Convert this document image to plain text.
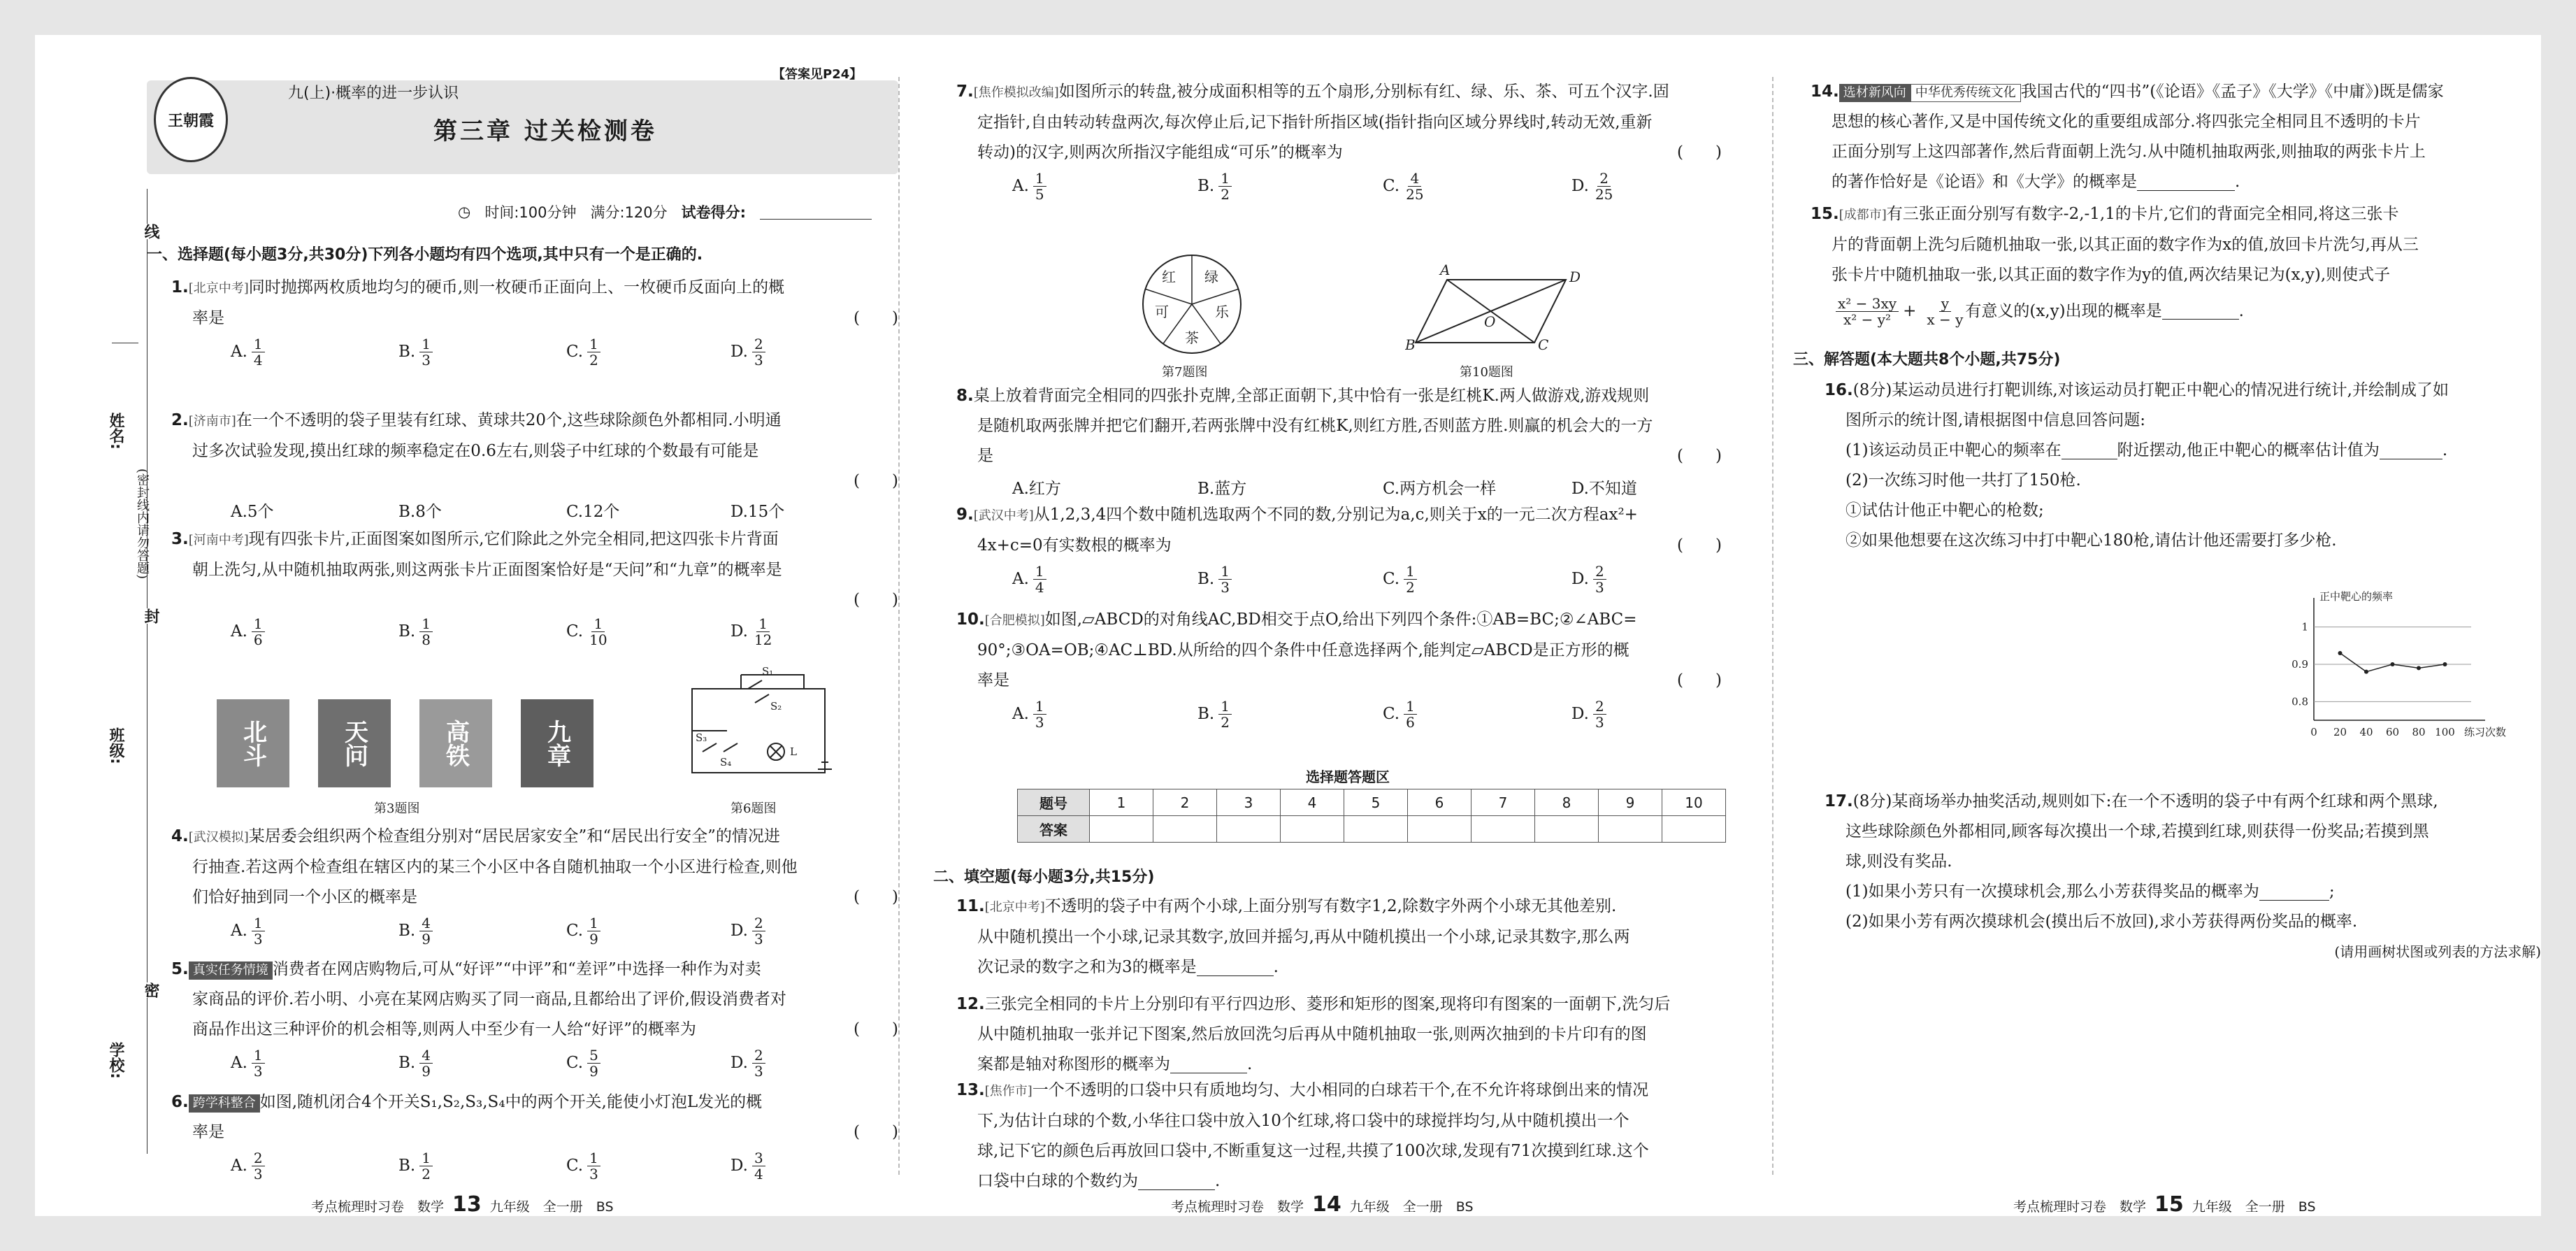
姓名:
班级:
学校:
(密封线内请勿答题)
线
封
密
王朝霞
九(上)·概率的进一步认识
【答案见P24】
第三章 过关检测卷
◷ 时间:100分钟 满分:120分 试卷得分:
一、选择题(每小题3分,共30分)下列各小题均有四个选项,其中只有一个是正确的.

1.[北京中考]同时抛掷两枚质地均匀的硬币,则一枚硬币正面向上、一枚硬币反面向上的概

率是	(　　)

A. $\frac{1}{4}$	B. $\frac{1}{3}$	C. $\frac{1}{2}$	D. $\frac{2}{3}$

2.[济南市]在一个不透明的袋子里装有红球、黄球共20个,这些球除颜色外都相同.小明通

过多次试验发现,摸出红球的频率稳定在0.6左右,则袋子中红球的个数最有可能是

(　　)

A.5个	B.8个	C.12个	D.15个

3.[河南中考]现有四张卡片,正面图案如图所示,它们除此之外完全相同,把这四张卡片背面

朝上洗匀,从中随机抽取两张,则这两张卡片正面图案恰好是“天问”和“九章”的概率是

(　　)

A. $\frac{1}{6}$	B. $\frac{1}{8}$	C. $\frac{1}{10}$	D. $\frac{1}{12}$
北斗	天问	高铁	九章
第3题图
S₁
S₂
S₃
S₄
L
第6题图

4.[武汉模拟]某居委会组织两个检查组分别对“居民居家安全”和“居民出行安全”的情况进

行抽查.若这两个检查组在辖区内的某三个小区中各自随机抽取一个小区进行检查,则他

们恰好抽到同一个小区的概率是	(　　)

A. $\frac{1}{3}$	B. $\frac{4}{9}$	C. $\frac{1}{9}$	D. $\frac{2}{3}$

5. 真实任务情境 消费者在网店购物后,可从“好评”“中评”和“差评”中选择一种作为对卖

家商品的评价.若小明、小亮在某网店购买了同一商品,且都给出了评价,假设消费者对

商品作出这三种评价的机会相等,则两人中至少有一人给“好评”的概率为	(　　)

A. $\frac{1}{3}$	B. $\frac{4}{9}$	C. $\frac{5}{9}$	D. $\frac{2}{3}$

6. 跨学科整合 如图,随机闭合4个开关S₁,S₂,S₃,S₄中的两个开关,能使小灯泡L发光的概

率是	(　　)

A. $\frac{2}{3}$	B. $\frac{1}{2}$	C. $\frac{1}{3}$	D. $\frac{3}{4}$

7.[焦作模拟改编]如图所示的转盘,被分成面积相等的五个扇形,分别标有红、绿、乐、茶、可五个汉字.固

定指针,自由转动转盘两次,每次停止后,记下指针所指区域(指针指向区域分界线时,转动无效,重新

转动)的汉字,则两次所指汉字能组成“可乐”的概率为	(　　)

A. $\frac{1}{5}$	B. $\frac{1}{2}$	C. $\frac{4}{25}$	D. $\frac{2}{25}$
红 绿
乐
茶
可
第7题图
A
B	C
D
O
第10题图

8.桌上放着背面完全相同的四张扑克牌,全部正面朝下,其中恰有一张是红桃K.两人做游戏,游戏规则

是随机取两张牌并把它们翻开,若两张牌中没有红桃K,则红方胜,否则蓝方胜.则赢的机会大的一方

是	(　　)

A.红方	B.蓝方	C.两方机会一样	D.不知道

9.[武汉中考]从1,2,3,4四个数中随机选取两个不同的数,分别记为a,c,则关于x的一元二次方程ax²+

4x+c=0有实数根的概率为	(　　)

A. $\frac{1}{4}$	B. $\frac{1}{3}$	C. $\frac{1}{2}$	D. $\frac{2}{3}$

10.[合肥模拟]如图,▱ABCD的对角线AC,BD相交于点O,给出下列四个条件:①AB=BC;②∠ABC=

90°;③OA=OB;④AC⊥BD.从所给的四个条件中任意选择两个,能判定▱ABCD是正方形的概

率是	(　　)

A. $\frac{1}{3}$	B. $\frac{1}{2}$	C. $\frac{1}{6}$	D. $\frac{2}{3}$
选择题答题区
题号	1	2	3	4	5	6	7	8	9	10
答案										
二、填空题(每小题3分,共15分)

11.[北京中考]不透明的袋子中有两个小球,上面分别写有数字1,2,除数字外两个小球无其他差别.

从中随机摸出一个小球,记录其数字,放回并摇匀,再从中随机摸出一个小球,记录其数字,那么两

次记录的数字之和为3的概率是	.

12.三张完全相同的卡片上分别印有平行四边形、菱形和矩形的图案,现将印有图案的一面朝下,洗匀后

从中随机抽取一张并记下图案,然后放回洗匀后再从中随机抽取一张,则两次抽到的卡片印有的图

案都是轴对称图形的概率为	.

13.[焦作市]一个不透明的口袋中只有质地均匀、大小相同的白球若干个,在不允许将球倒出来的情况

下,为估计白球的个数,小华往口袋中放入10个红球,将口袋中的球搅拌均匀,从中随机摸出一个

球,记下它的颜色后再放回口袋中,不断重复这一过程,共摸了100次球,发现有71次摸到红球.这个

口袋中白球的个数约为	.

14. 选材新风向 中华优秀传统文化 我国古代的“四书”(《论语》《孟子》《大学》《中庸》)既是儒家

思想的核心著作,又是中国传统文化的重要组成部分.将四张完全相同且不透明的卡片

正面分别写上这四部著作,然后背面朝上洗匀.从中随机抽取两张,则抽取的两张卡片上

的著作恰好是《论语》和《大学》的概率是	.

15.[成都市]有三张正面分别写有数字-2,-1,1的卡片,它们的背面完全相同,将这三张卡

片的背面朝上洗匀后随机抽取一张,以其正面的数字作为x的值,放回卡片洗匀,再从三

张卡片中随机抽取一张,以其正面的数字作为y的值,两次结果记为(x,y),则使式子

$\frac{\text{x² − 3xy}}{\text{x² − y²}} + \frac{y}{x - y}$ 有意义的(x,y)出现的概率是	.

三、解答题(本大题共8个小题,共75分)

16.(8分)某运动员进行打靶训练,对该运动员打靶正中靶心的情况进行统计,并绘制成了如

图所示的统计图,请根据图中信息回答问题:

(1)该运动员正中靶心的频率在	附近摆动,他正中靶心的概率估计值为	.

(2)一次练习时他一共打了150枪.

①试估计他正中靶心的枪数;

②如果他想要在这次练习中打中靶心180枪,请估计他还需要打多少枪.

正中靶心的频率
练习次数
0.8
0.9
1
0 20 40 60 80 100

17.(8分)某商场举办抽奖活动,规则如下:在一个不透明的袋子中有两个红球和两个黑球,

这些球除颜色外都相同,顾客每次摸出一个球,若摸到红球,则获得一份奖品;若摸到黑

球,则没有奖品.

(1)如果小芳只有一次摸球机会,那么小芳获得奖品的概率为	;

(2)如果小芳有两次摸球机会(摸出后不放回),求小芳获得两份奖品的概率.

(请用画树状图或列表的方法求解)

考点梳理时习卷　数学 13 九年级　全一册　BS	考点梳理时习卷　数学 14 九年级　全一册　BS	考点梳理时习卷　数学 15 九年级　全一册　BS
